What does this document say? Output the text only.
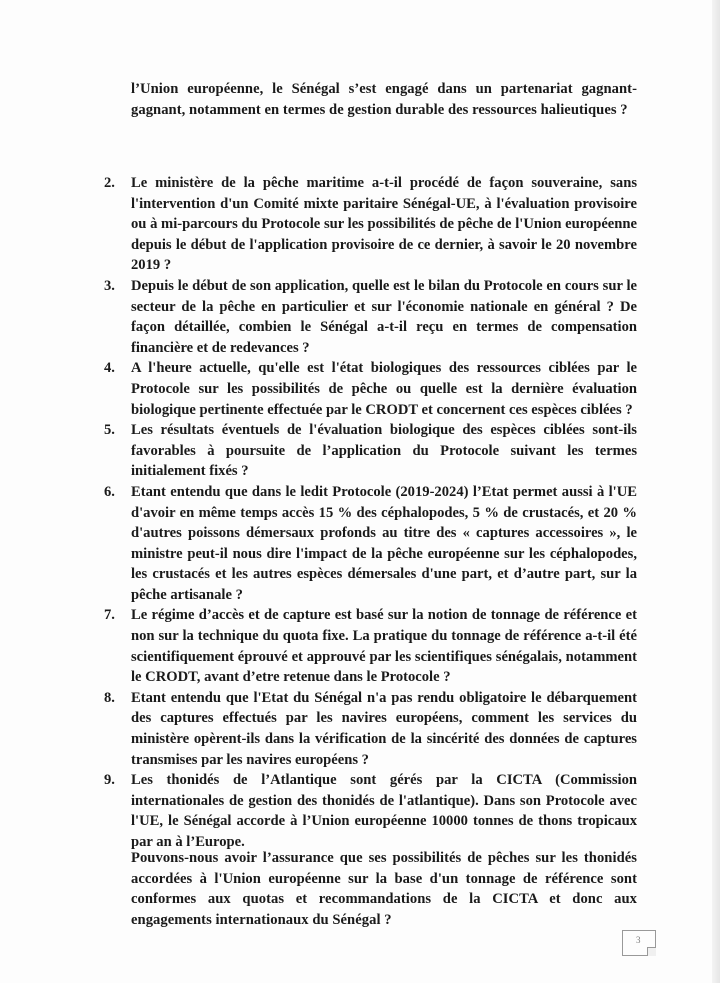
l’Union européenne, le Sénégal s’est engagé dans un partenariat gagnant-gagnant, notamment en termes de gestion durable des ressources halieutiques ?

2. Le ministère de la pêche maritime a-t-il procédé de façon souveraine, sans l'intervention d'un Comité mixte paritaire Sénégal-UE, à l'évaluation provisoire ou à mi-parcours du Protocole sur les possibilités de pêche de l'Union européenne depuis le début de l'application provisoire de ce dernier, à savoir le 20 novembre 2019 ?
3. Depuis le début de son application, quelle est le bilan du Protocole en cours sur le secteur de la pêche en particulier et sur l'économie nationale en général ? De façon détaillée, combien le Sénégal a-t-il reçu en termes de compensation financière et de redevances ?
4. A l'heure actuelle, qu'elle est l'état biologiques des ressources ciblées par le Protocole sur les possibilités de pêche ou quelle est la dernière évaluation biologique pertinente effectuée par le CRODT et concernent ces espèces ciblées ?
5. Les résultats éventuels de l'évaluation biologique des espèces ciblées sont-ils favorables à poursuite de l’application du Protocole suivant les termes initialement fixés ?
6. Etant entendu que dans le ledit Protocole (2019-2024) l’Etat permet aussi à l'UE d'avoir en même temps accès 15 % des céphalopodes, 5 % de crustacés, et 20 % d'autres poissons démersaux profonds au titre des « captures accessoires », le ministre peut-il nous dire l'impact de la pêche européenne sur les céphalopodes, les crustacés et les autres espèces démersales d'une part, et d’autre part, sur la pêche artisanale ?
7. Le régime d’accès et de capture est basé sur la notion de tonnage de référence et non sur la technique du quota fixe. La pratique du tonnage de référence a-t-il été scientifiquement éprouvé et approuvé par les scientifiques sénégalais, notamment le CRODT, avant d’etre retenue dans le Protocole ?
8. Etant entendu que l'Etat du Sénégal n'a pas rendu obligatoire le débarquement des captures effectués par les navires européens, comment les services du ministère opèrent-ils dans la vérification de la sincérité des données de captures transmises par les navires européens ?
9. Les thonidés de l’Atlantique sont gérés par la CICTA (Commission internationales de gestion des thonidés de l'atlantique). Dans son Protocole avec l'UE, le Sénégal accorde à l’Union européenne 10000 tonnes de thons tropicaux par an à l’Europe.

Pouvons-nous avoir l’assurance que ses possibilités de pêches sur les thonidés accordées à l'Union européenne sur la base d'un tonnage de référence sont conformes aux quotas et recommandations de la CICTA et donc aux engagements internationaux du Sénégal ?

3
